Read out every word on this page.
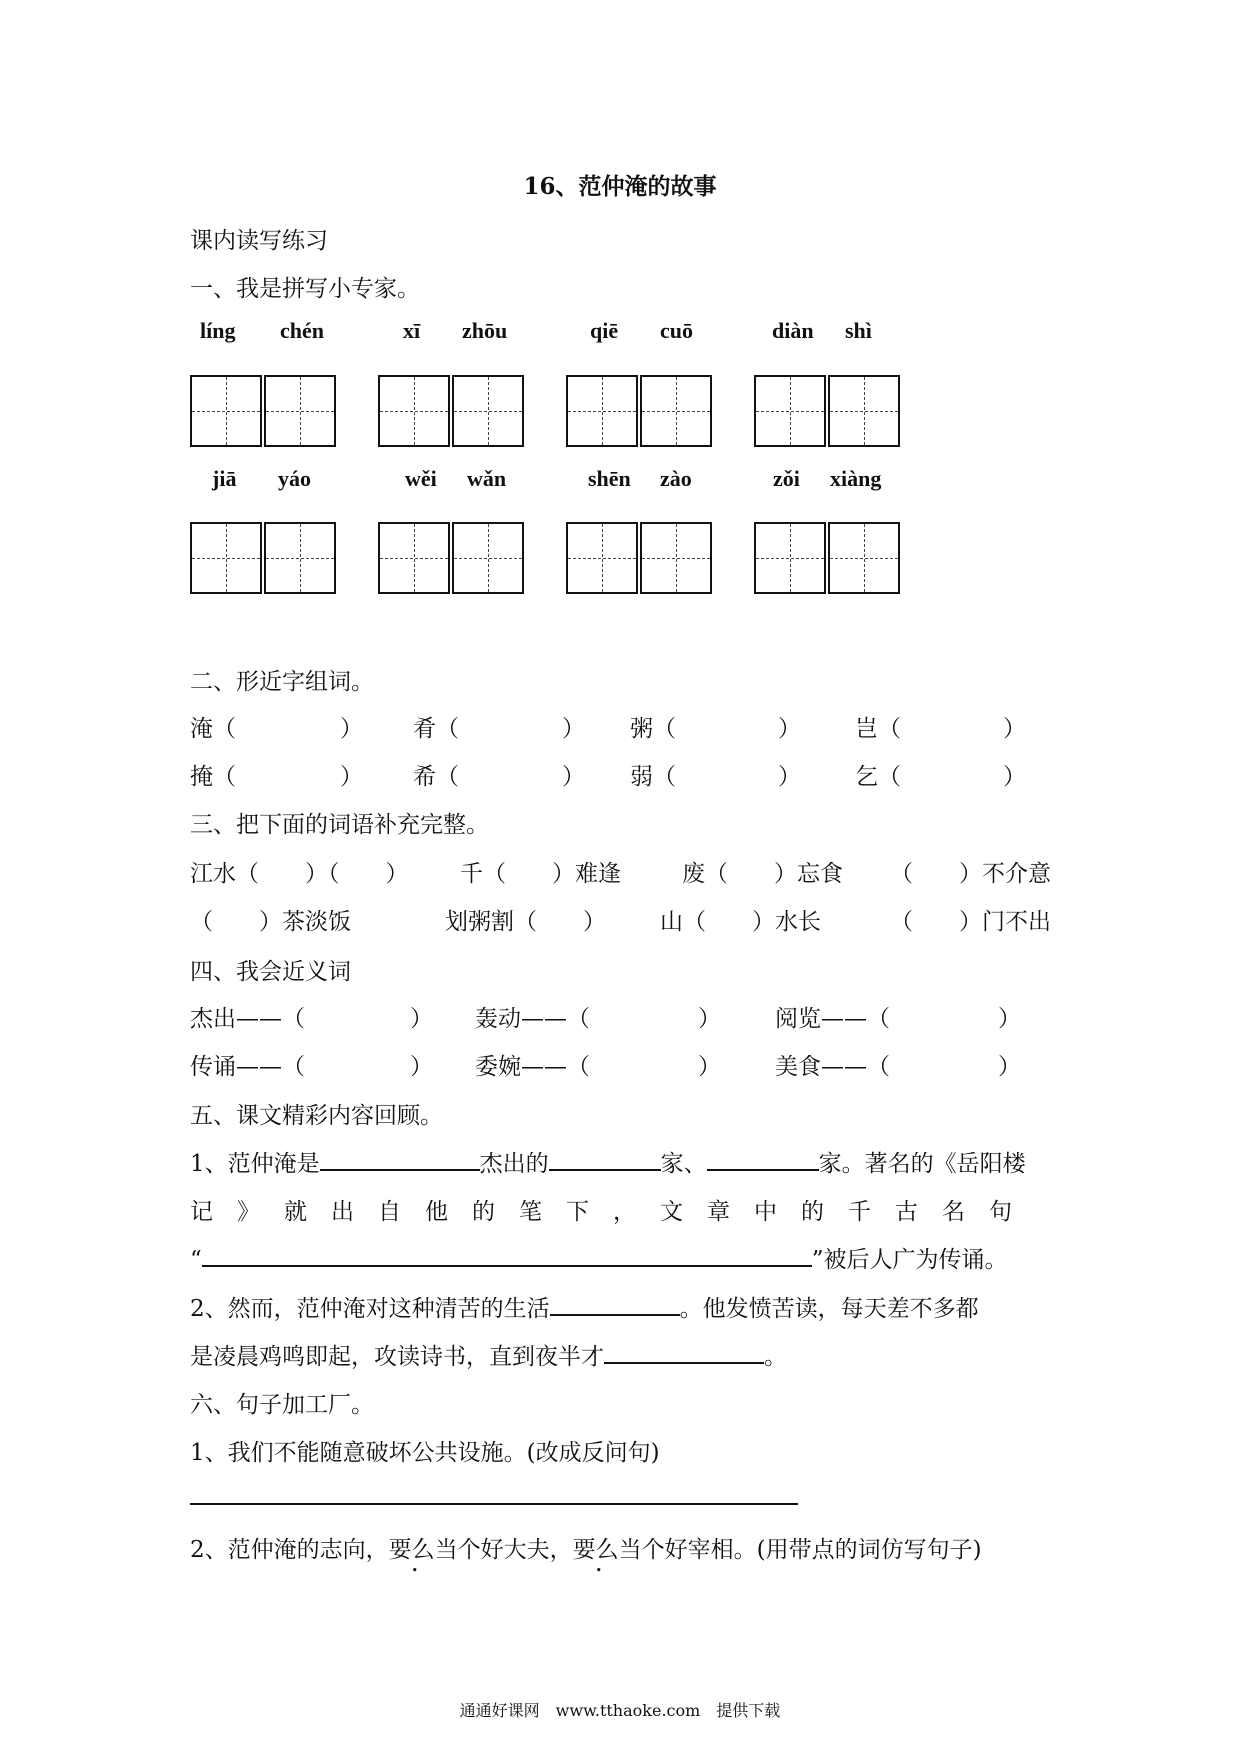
16、范仲淹的故事
课内读写练习
一、我是拼写小专家。
líng chén	xī zhōu	qiē cuō	diàn shì
jiā yáo	wěi wǎn	shēn zào	zǒi xiàng
二、形近字组词。
淹（	） 肴（	） 粥（	） 岂（	）
掩（	） 希（	） 弱（	） 乞（	）
三、把下面的词语补充完整。
江水（　　）（　　） 千（　　）难逢	废（　　）忘食 （　　）不介意
（　　）茶淡饭	划粥割（　　） 山（　　）水长	（　　）门不出
四、我会近义词
杰出——（	） 轰动——（	） 阅览——（	）
传诵——（	） 委婉——（	） 美食——（	）
五、课文精彩内容回顾。
1、范仲淹是	杰出的	家、	家。著名的《岳阳楼
记》就出自他的笔下，文章中的千古名句
“	”被后人广为传诵。
2、然而，范仲淹对这种清苦的生活	。他发愤苦读，每天差不多都
是凌晨鸡鸣即起，攻读诗书，直到夜半才	。
六、句子加工厂。
1、我们不能随意破坏公共设施。(改成反问句)
2、范仲淹的志向，要么当个好大夫，要么当个好宰相。(用带点的词仿写句子)
通通好课网　www.tthaoke.com　提供下载
